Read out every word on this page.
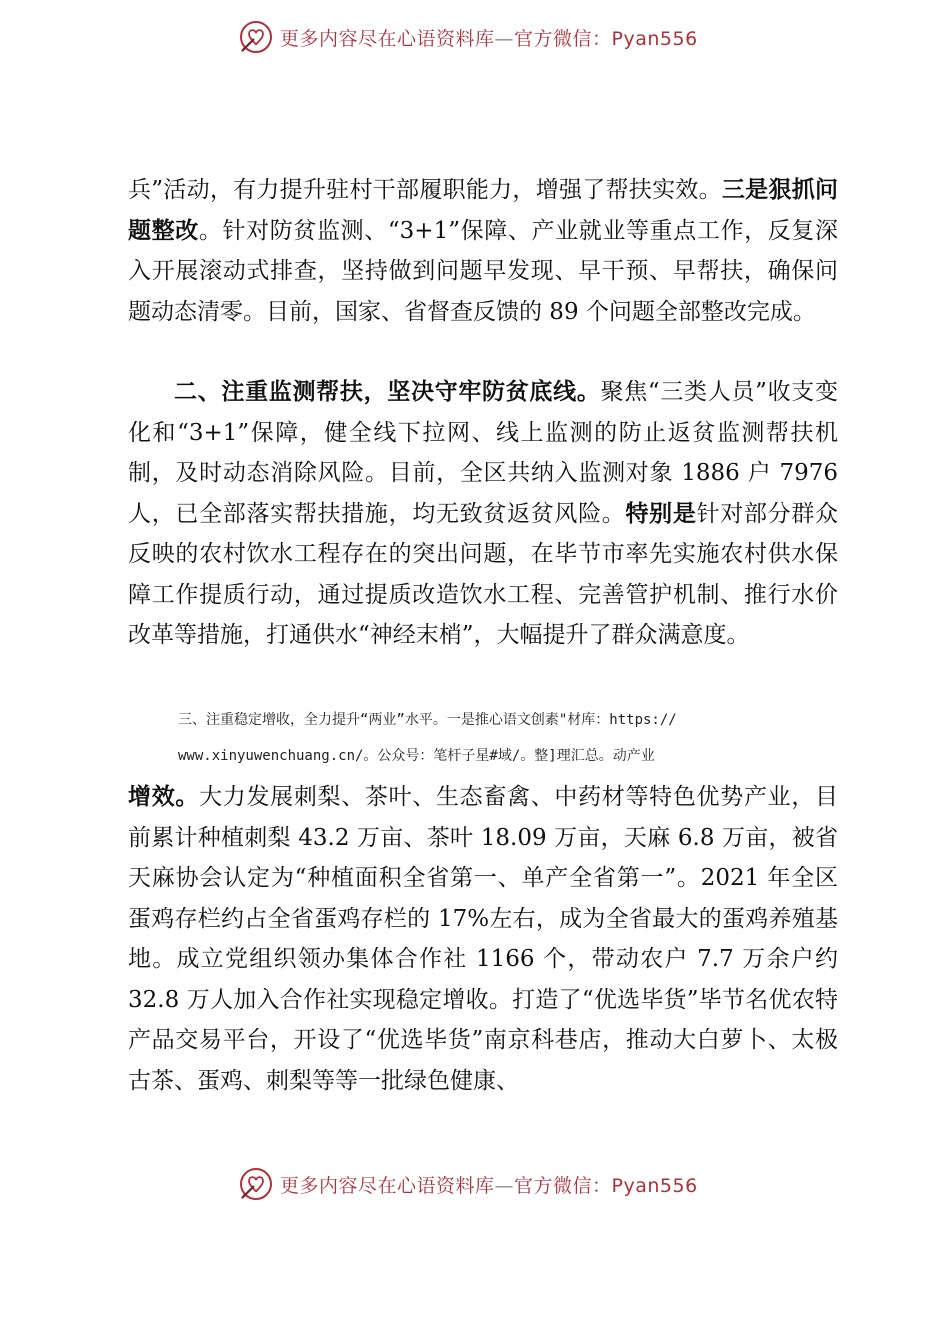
更多内容尽在心语资料库—官方微信：Pyan556
兵”活动，有力提升驻村干部履职能力，增强了帮扶实效。三是狠抓问题整改。针对防贫监测、“3+1”保障、产业就业等重点工作，反复深入开展滚动式排查，坚持做到问题早发现、早干预、早帮扶，确保问题动态清零。目前，国家、省督查反馈的 89 个问题全部整改完成。
二、注重监测帮扶，坚决守牢防贫底线。聚焦“三类人员”收支变化和“3+1”保障，健全线下拉网、线上监测的防止返贫监测帮扶机制，及时动态消除风险。目前，全区共纳入监测对象 1886 户 7976 人，已全部落实帮扶措施，均无致贫返贫风险。特别是针对部分群众反映的农村饮水工程存在的突出问题，在毕节市率先实施农村供水保障工作提质行动，通过提质改造饮水工程、完善管护机制、推行水价改革等措施，打通供水“神经末梢”，大幅提升了群众满意度。
三、注重稳定增收，全力提升“两业”水平。一是推心语文创素"材库：https://
www.xinyuwenchuang.cn/。公众号：笔杆子星#域/。整]理汇总。动产业
增效。大力发展刺梨、茶叶、生态畜禽、中药材等特色优势产业，目前累计种植刺梨 43.2 万亩、茶叶 18.09 万亩，天麻 6.8 万亩，被省天麻协会认定为“种植面积全省第一、单产全省第一”。2021 年全区蛋鸡存栏约占全省蛋鸡存栏的 17%左右，成为全省最大的蛋鸡养殖基地。成立党组织领办集体合作社 1166 个，带动农户 7.7 万余户约 32.8 万人加入合作社实现稳定增收。打造了“优选毕货”毕节名优农特产品交易平台，开设了“优选毕货”南京科巷店，推动大白萝卜、太极古茶、蛋鸡、刺梨等等一批绿色健康、
更多内容尽在心语资料库—官方微信：Pyan556
